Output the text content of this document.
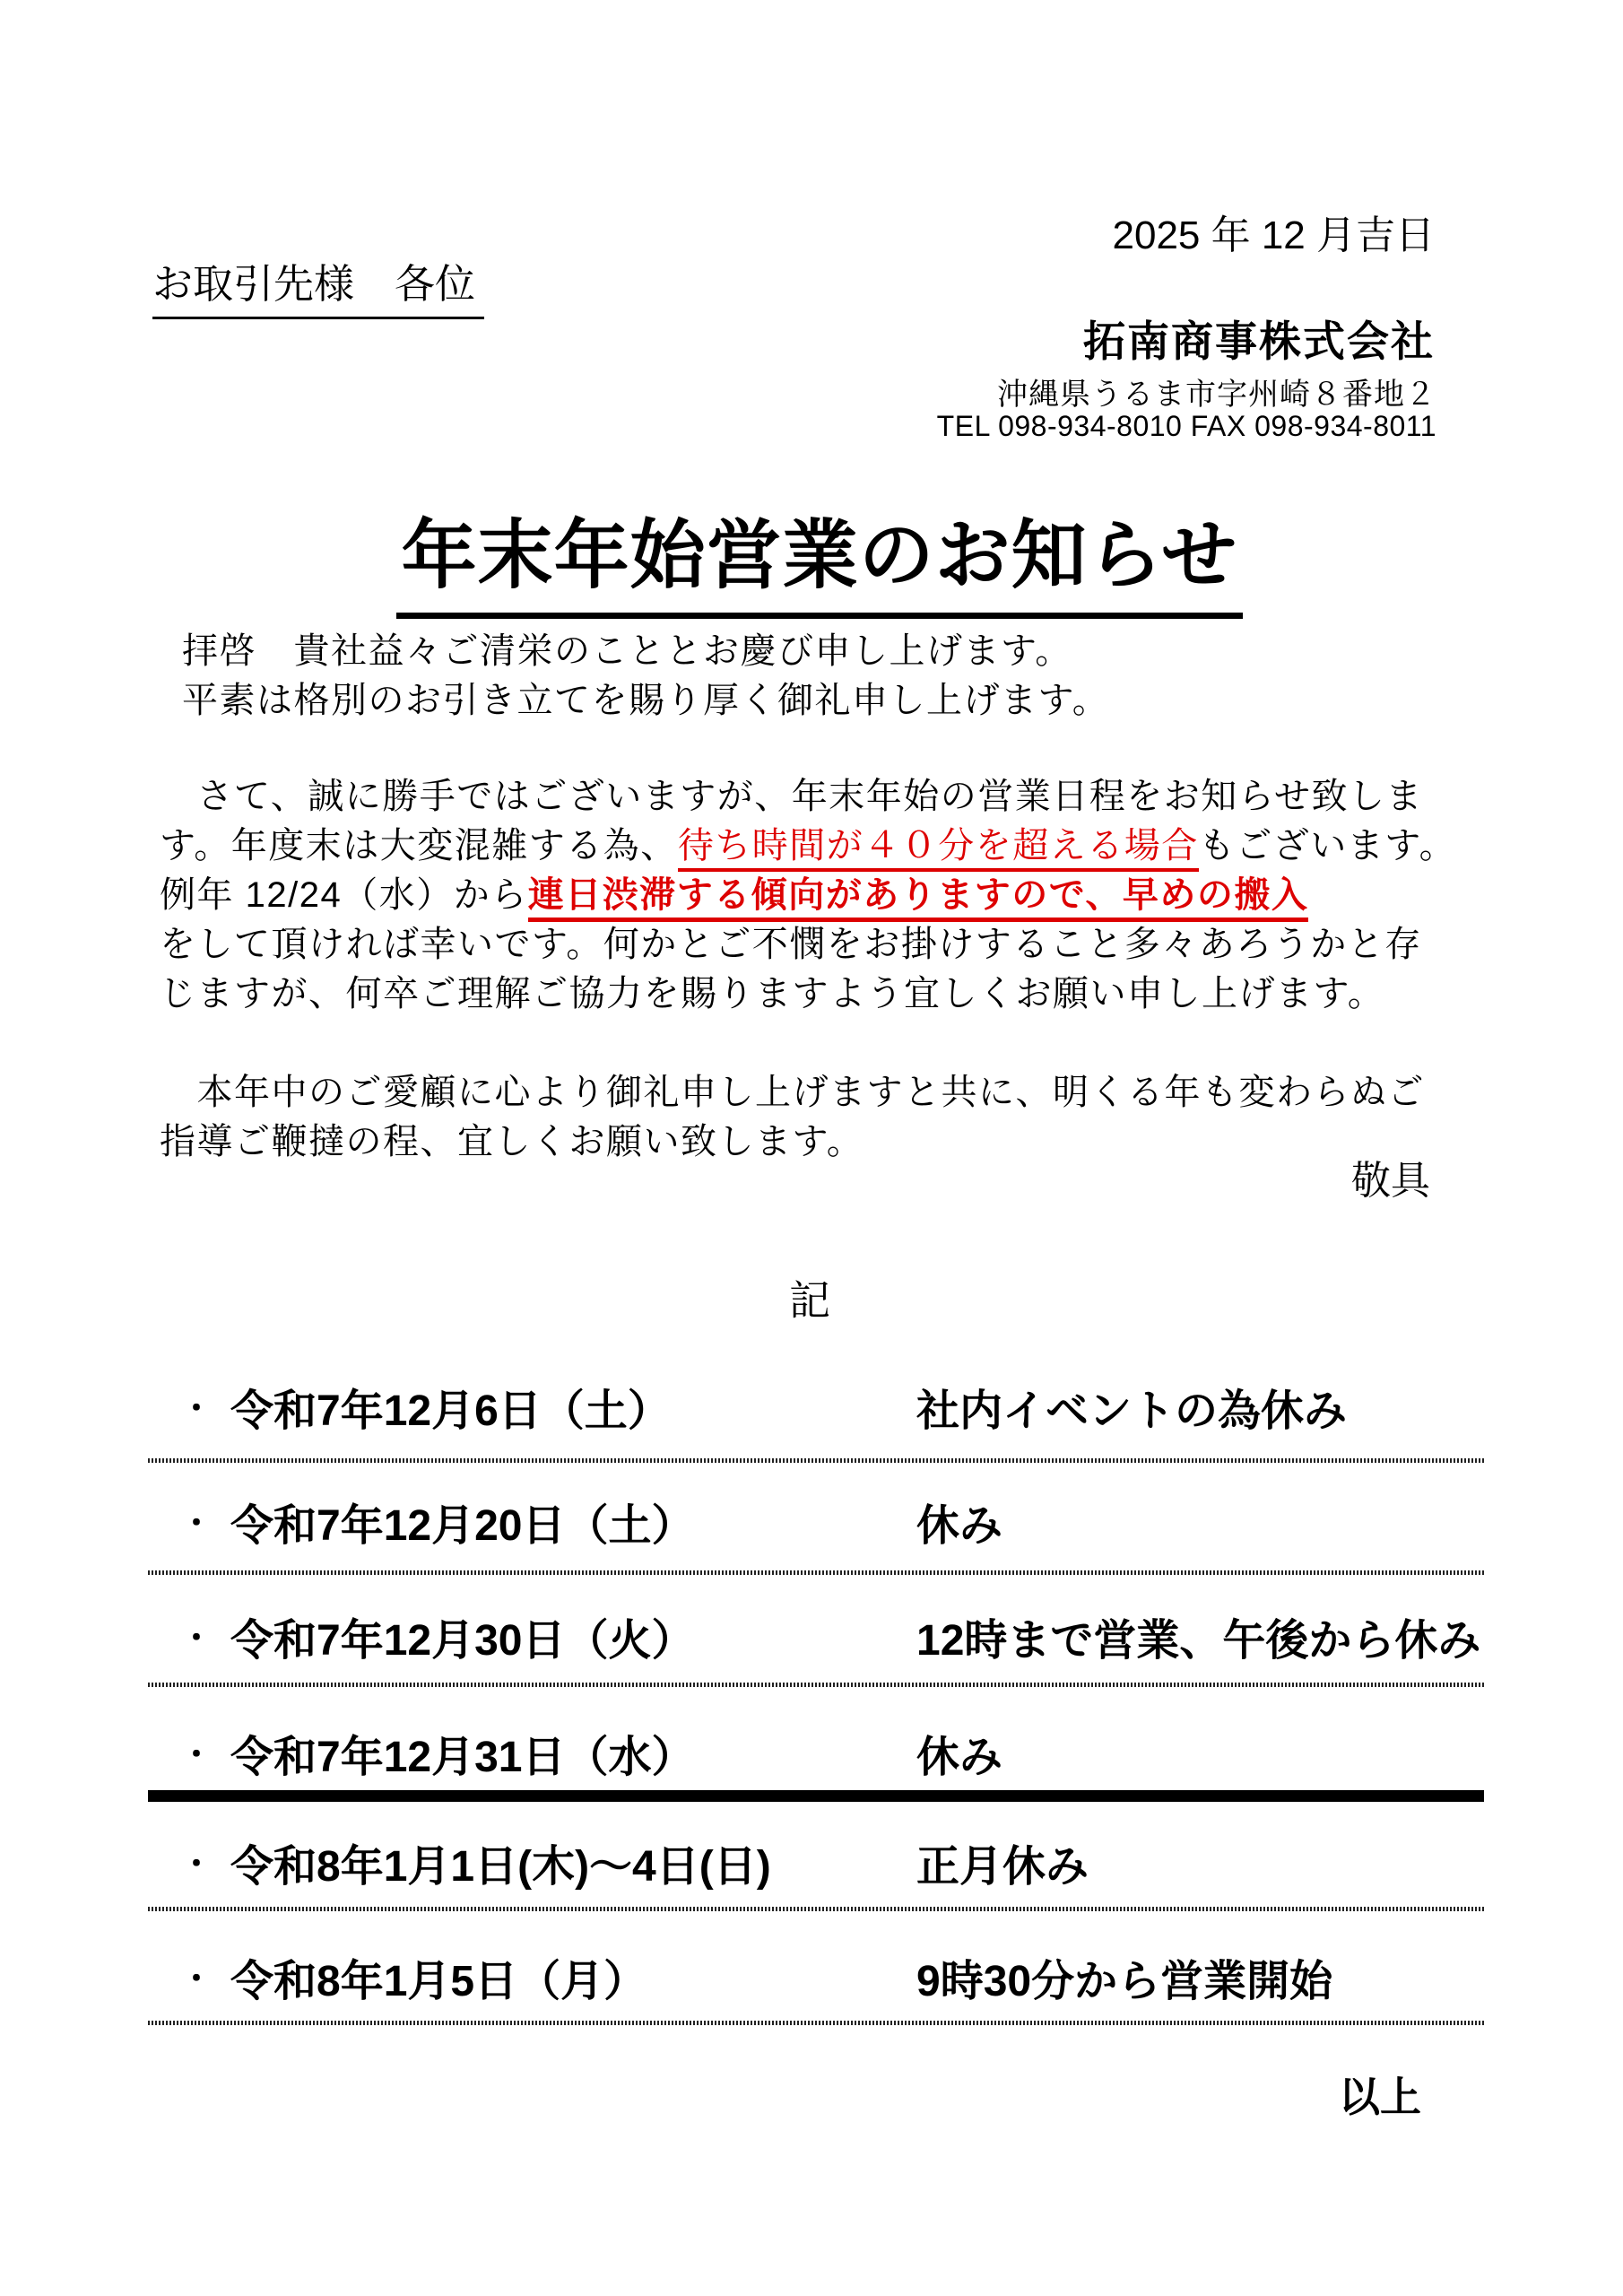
2025 年 12 月吉日
お取引先様　各位
拓南商事株式会社
沖縄県うるま市字州崎８番地２
TEL 098-934-8010 FAX 098-934-8011

年末年始営業のお知らせ

拝啓　貴社益々ご清栄のこととお慶び申し上げます。
平素は格別のお引き立てを賜り厚く御礼申し上げます。
　さて、誠に勝手ではございますが、年末年始の営業日程をお知らせ致しま
す。年度末は大変混雑する為、待ち時間が４０分を超える場合もございます。
例年 12/24（水）から連日渋滞する傾向がありますので、早めの搬入
をして頂ければ幸いです。何かとご不憫をお掛けすること多々あろうかと存
じますが、何卒ご理解ご協力を賜りますよう宜しくお願い申し上げます。
　本年中のご愛顧に心より御礼申し上げますと共に、明くる年も変わらぬご
指導ご鞭撻の程、宜しくお願い致します。
敬具
記
・ 令和7年12月6日（土）	社内イベントの為休み
・ 令和7年12月20日（土）	休み
・ 令和7年12月30日（火）	12時まで営業、午後から休み
・ 令和7年12月31日（水）	休み
・ 令和8年1月1日(木)～4日(日)	正月休み
・ 令和8年1月5日（月）	9時30分から営業開始
以上
